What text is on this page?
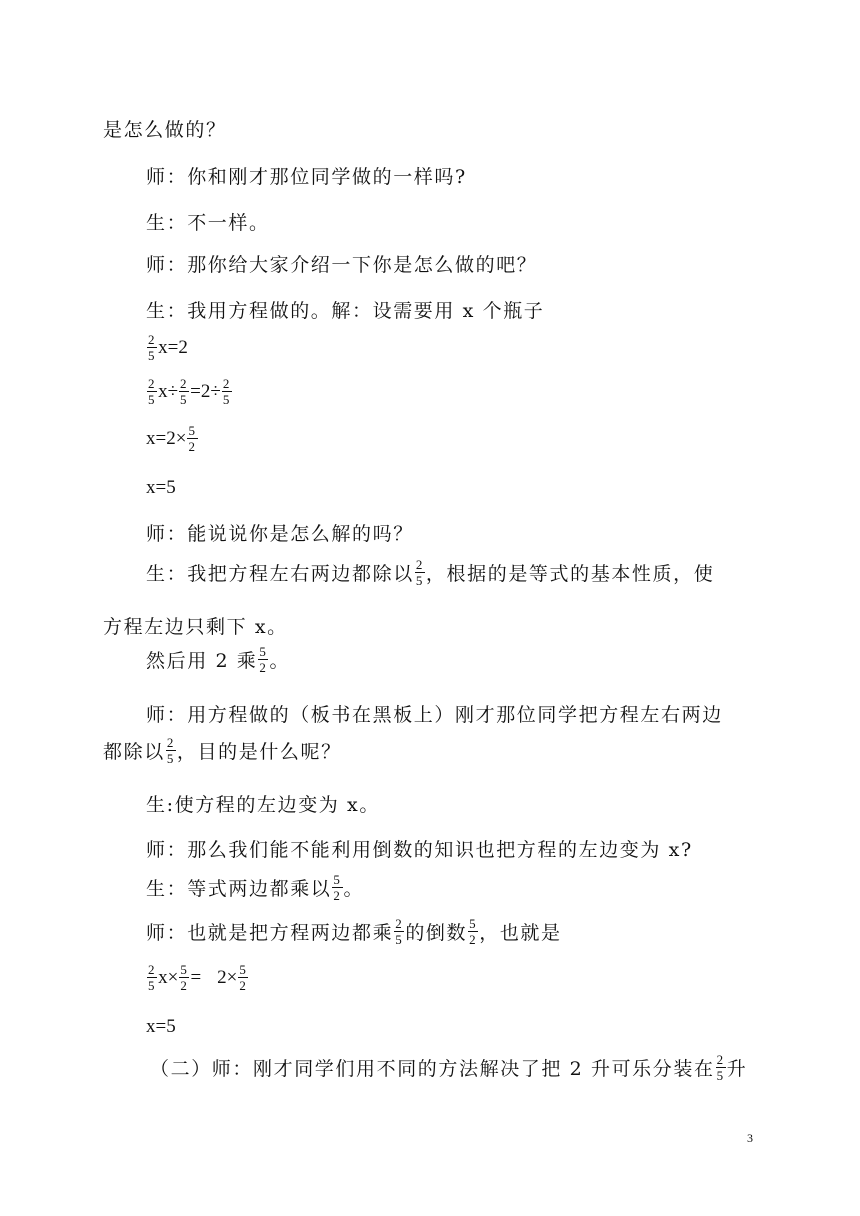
是怎么做的？
师：你和刚才那位同学做的一样吗?
生：不一样。
师：那你给大家介绍一下你是怎么做的吧？
生：我用方程做的。解：设需要用 x 个瓶子
$\frac{2}{5} x=2$
$\frac{2}{5} x\div \frac{2}{5} =2\div \frac{2}{5}$
$x=2\times \frac{5}{2}$
x=5
师：能说说你是怎么解的吗？
生：我把方程左右两边都除以 $\frac{2}{5}$ ，根据的是等式的基本性质，使
方程左边只剩下 x。
然后用 2 乘 $\frac{5}{2}$ 。
师：用方程做的（板书在黑板上）刚才那位同学把方程左右两边
都除以 $\frac{2}{5}$ ，目的是什么呢？
生:使方程的左边变为 x。
师：那么我们能不能利用倒数的知识也把方程的左边变为 x?
生：等式两边都乘以 $\frac{5}{2}$ 。
师：也就是把方程两边都乘 $\frac{2}{5}$ 的倒数 $\frac{5}{2}$ ，也就是
$\frac{2}{5} x\times \frac{5}{2} = 2\times \frac{5}{2}$
x=5
（二）师：刚才同学们用不同的方法解决了把 2 升可乐分装在 $\frac{2}{5}$ 升
3
